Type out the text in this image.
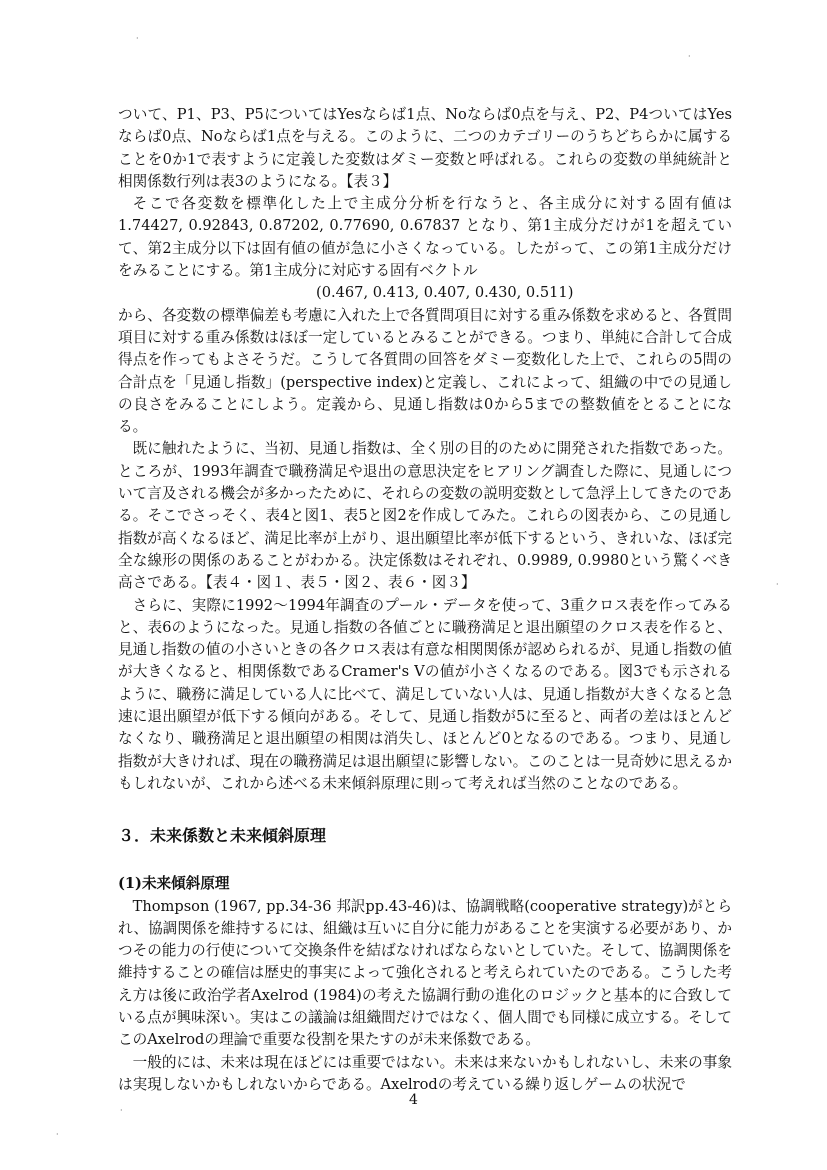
·
·
·
·
·

ついて、P1、P3、P5についてはYesならば1点、Noならば0点を与え、P2、P4ついてはYesならば0点、Noならば1点を与える。このように、二つのカテゴリーのうちどちらかに属することを0か1で表すように定義した変数はダミー変数と呼ばれる。これらの変数の単純統計と相関係数行列は表3のようになる。【表３】

そこで各変数を標準化した上で主成分分析を行なうと、各主成分に対する固有値は1.74427, 0.92843, 0.87202, 0.77690, 0.67837 となり、第1主成分だけが1を超えていて、第2主成分以下は固有値の値が急に小さくなっている。したがって、この第1主成分だけをみることにする。第1主成分に対応する固有ベクトル

(0.467, 0.413, 0.407, 0.430, 0.511)

から、各変数の標準偏差も考慮に入れた上で各質問項目に対する重み係数を求めると、各質問項目に対する重み係数はほぼ一定しているとみることができる。つまり、単純に合計して合成得点を作ってもよさそうだ。こうして各質問の回答をダミー変数化した上で、これらの5問の合計点を「見通し指数」(perspective index)と定義し、これによって、組織の中での見通しの良さをみることにしよう。定義から、見通し指数は0から5までの整数値をとることになる。

既に触れたように、当初、見通し指数は、全く別の目的のために開発された指数であった。ところが、1993年調査で職務満足や退出の意思決定をヒアリング調査した際に、見通しについて言及される機会が多かったために、それらの変数の説明変数として急浮上してきたのである。そこでさっそく、表4と図1、表5と図2を作成してみた。これらの図表から、この見通し指数が高くなるほど、満足比率が上がり、退出願望比率が低下するという、きれいな、ほぼ完全な線形の関係のあることがわかる。決定係数はそれぞれ、0.9989, 0.9980という驚くべき高さである。【表４・図１、表５・図２、表６・図３】

さらに、実際に1992〜1994年調査のプール・データを使って、3重クロス表を作ってみると、表6のようになった。見通し指数の各値ごとに職務満足と退出願望のクロス表を作ると、見通し指数の値の小さいときの各クロス表は有意な相関関係が認められるが、見通し指数の値が大きくなると、相関係数であるCramer's Vの値が小さくなるのである。図3でも示されるように、職務に満足している人に比べて、満足していない人は、見通し指数が大きくなると急速に退出願望が低下する傾向がある。そして、見通し指数が5に至ると、両者の差はほとんどなくなり、職務満足と退出願望の相関は消失し、ほとんど0となるのである。つまり、見通し指数が大きければ、現在の職務満足は退出願望に影響しない。このことは一見奇妙に思えるかもしれないが、これから述べる未来傾斜原理に則って考えれば当然のことなのである。

３．未来係数と未来傾斜原理
(1)未来傾斜原理

Thompson (1967, pp.34-36 邦訳pp.43-46)は、協調戦略(cooperative strategy)がとられ、協調関係を維持するには、組織は互いに自分に能力があることを実演する必要があり、かつその能力の行使について交換条件を結ばなければならないとしていた。そして、協調関係を維持することの確信は歴史的事実によって強化されると考えられていたのである。こうした考え方は後に政治学者Axelrod (1984)の考えた協調行動の進化のロジックと基本的に合致している点が興味深い。実はこの議論は組織間だけではなく、個人間でも同様に成立する。そしてこのAxelrodの理論で重要な役割を果たすのが未来係数である。

一般的には、未来は現在ほどには重要ではない。未来は来ないかもしれないし、未来の事象は実現しないかもしれないからである。Axelrodの考えている繰り返しゲームの状況で

4
